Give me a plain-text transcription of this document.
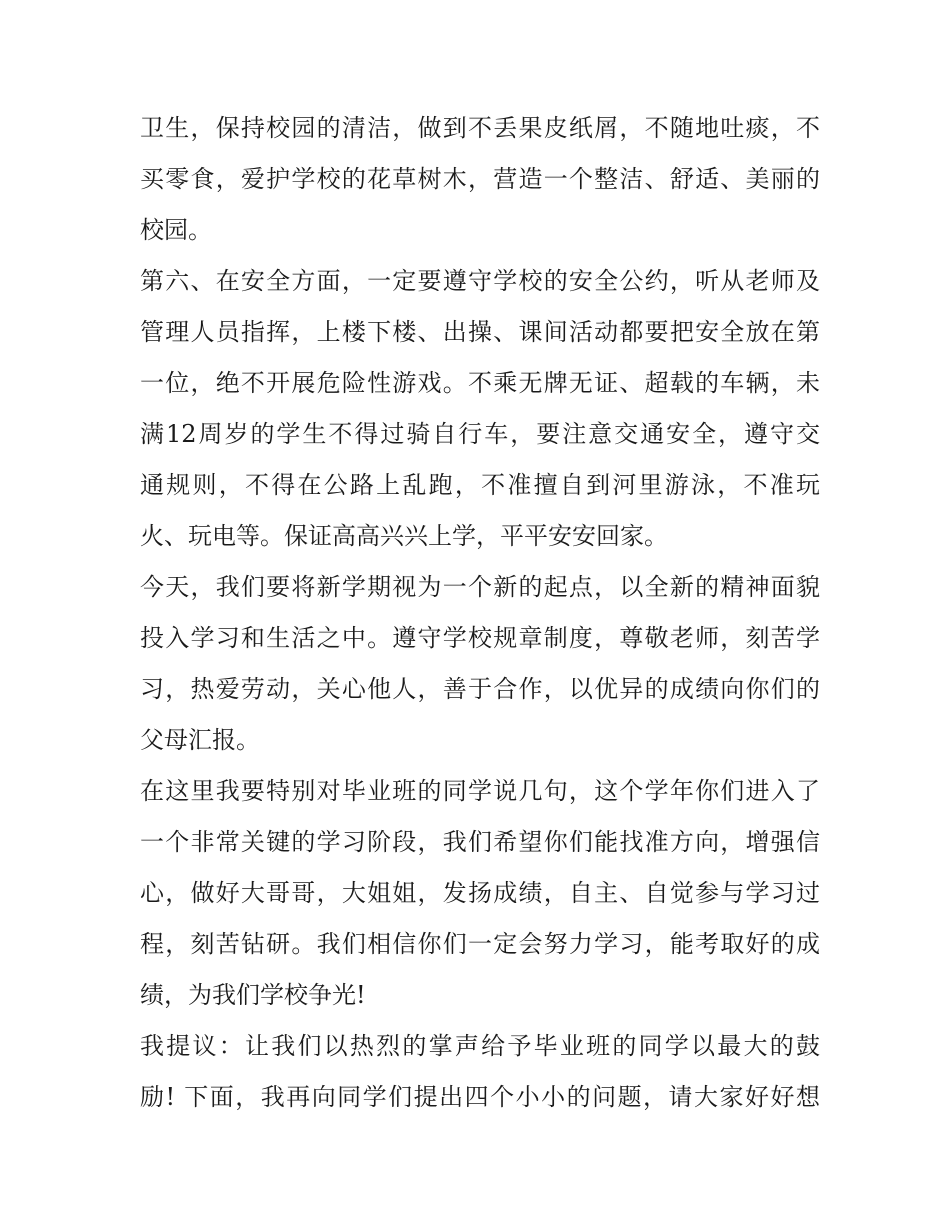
卫生，保持校园的清洁，做到不丢果皮纸屑，不随地吐痰，不
买零食，爱护学校的花草树木，营造一个整洁、舒适、美丽的
校园。
第六、在安全方面，一定要遵守学校的安全公约，听从老师及
管理人员指挥，上楼下楼、出操、课间活动都要把安全放在第
一位，绝不开展危险性游戏。不乘无牌无证、超载的车辆，未
满12周岁的学生不得过骑自行车，要注意交通安全，遵守交
通规则，不得在公路上乱跑，不准擅自到河里游泳，不准玩
火、玩电等。保证高高兴兴上学，平平安安回家。
今天，我们要将新学期视为一个新的起点，以全新的精神面貌
投入学习和生活之中。遵守学校规章制度，尊敬老师，刻苦学
习，热爱劳动，关心他人，善于合作，以优异的成绩向你们的
父母汇报。
在这里我要特别对毕业班的同学说几句，这个学年你们进入了
一个非常关键的学习阶段，我们希望你们能找准方向，增强信
心，做好大哥哥，大姐姐，发扬成绩，自主、自觉参与学习过
程，刻苦钻研。我们相信你们一定会努力学习，能考取好的成
绩，为我们学校争光!
我提议：让我们以热烈的掌声给予毕业班的同学以最大的鼓
励! 下面，我再向同学们提出四个小小的问题，请大家好好想
